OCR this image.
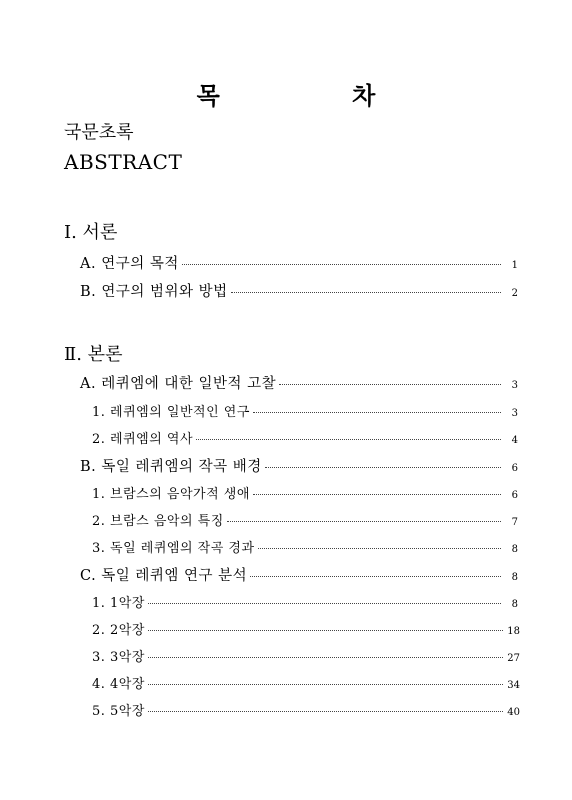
목 차
국문초록
ABSTRACT
Ⅰ. 서론
A. 연구의 목적	1
B. 연구의 범위와 방법	2
Ⅱ. 본론
A. 레퀴엠에 대한 일반적 고찰	3
1. 레퀴엠의 일반적인 연구	3
2. 레퀴엠의 역사	4
B. 독일 레퀴엠의 작곡 배경	6
1. 브람스의 음악가적 생애	6
2. 브람스 음악의 특징	7
3. 독일 레퀴엠의 작곡 경과	8
C. 독일 레퀴엠 연구 분석	8
1. 1악장	8
2. 2악장	18
3. 3악장	27
4. 4악장	34
5. 5악장	40
